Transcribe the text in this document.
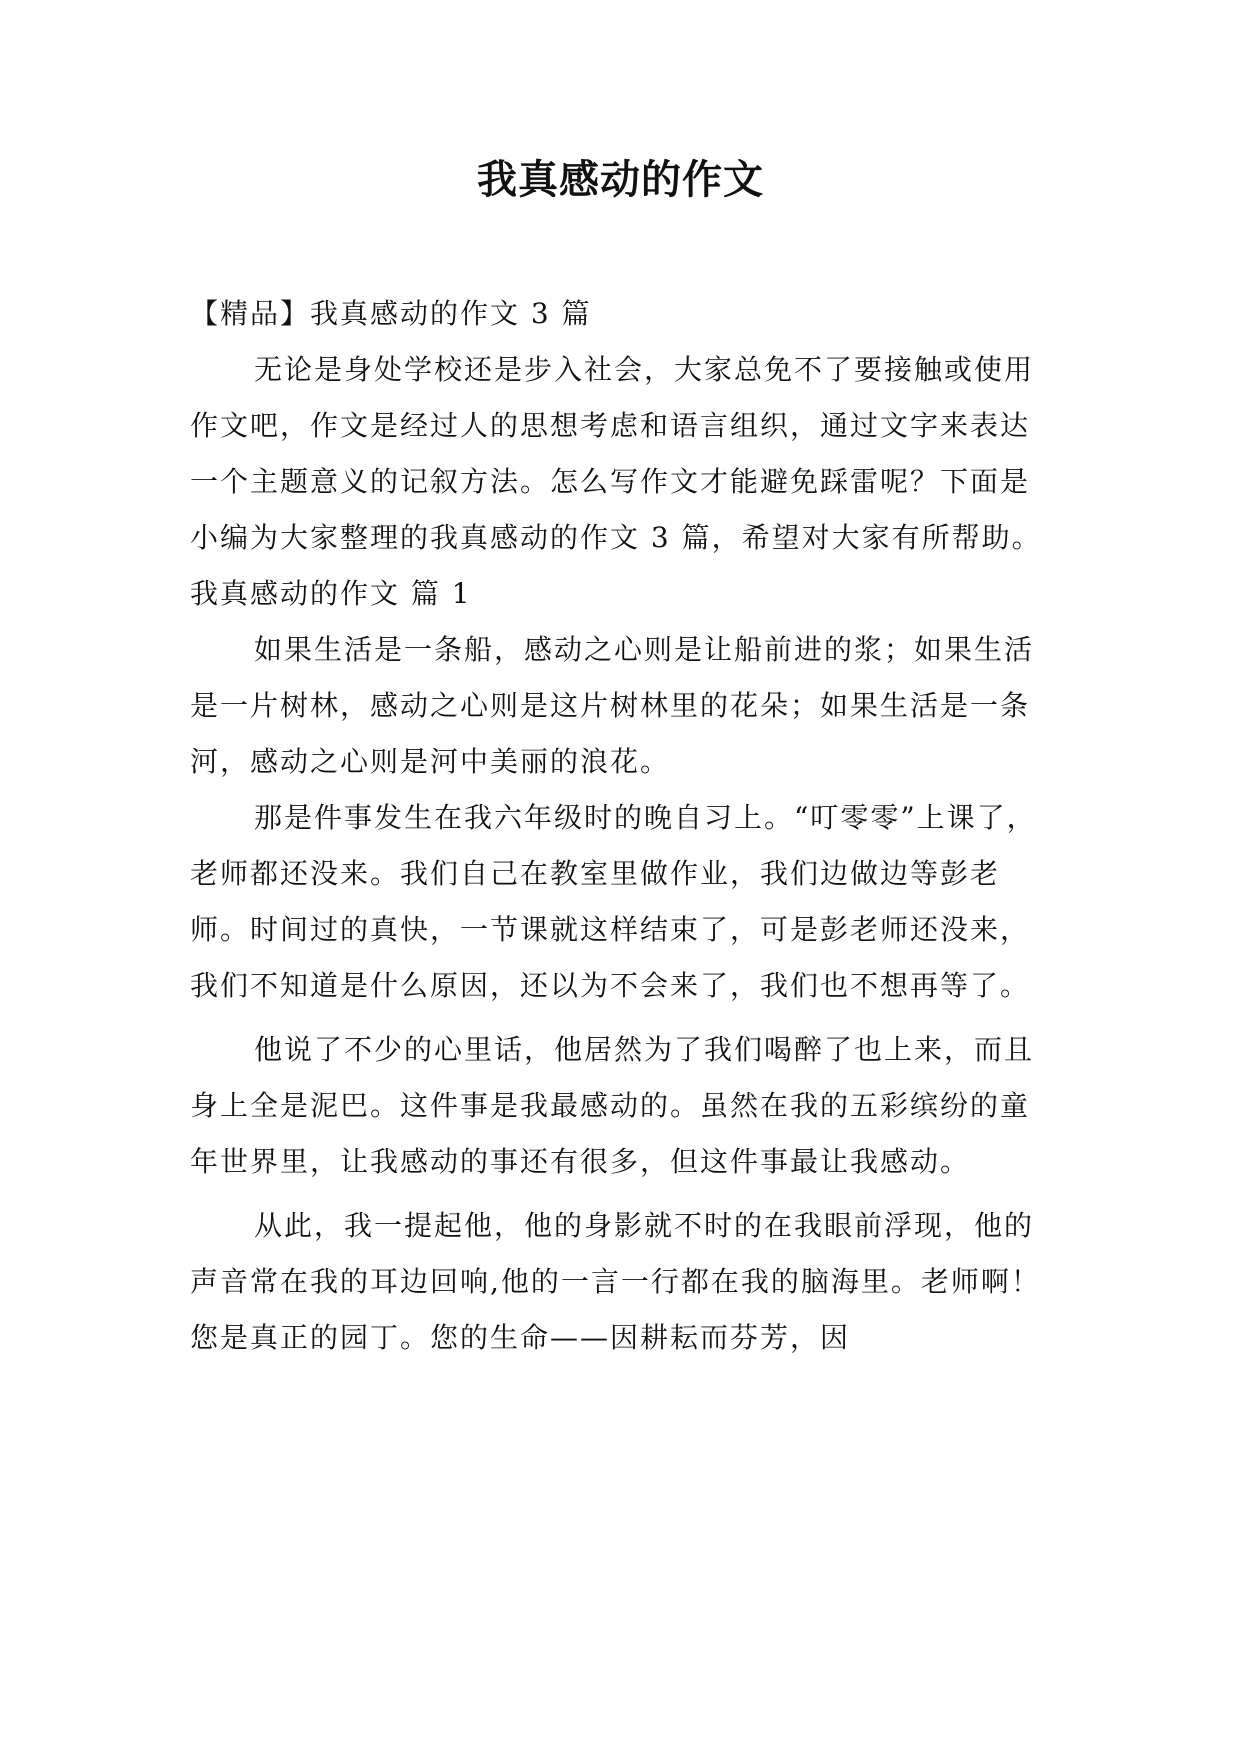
我真感动的作文

【精品】我真感动的作文 3 篇

无论是身处学校还是步入社会，大家总免不了要接触或使用作文吧，作文是经过人的思想考虑和语言组织，通过文字来表达一个主题意义的记叙方法。怎么写作文才能避免踩雷呢？下面是小编为大家整理的我真感动的作文 3 篇，希望对大家有所帮助。

我真感动的作文 篇 1

如果生活是一条船，感动之心则是让船前进的浆；如果生活是一片树林，感动之心则是这片树林里的花朵；如果生活是一条河，感动之心则是河中美丽的浪花。

那是件事发生在我六年级时的晚自习上。“叮零零”上课了，老师都还没来。我们自己在教室里做作业，我们边做边等彭老师。时间过的真快，一节课就这样结束了，可是彭老师还没来，我们不知道是什么原因，还以为不会来了，我们也不想再等了。

他说了不少的心里话，他居然为了我们喝醉了也上来，而且身上全是泥巴。这件事是我最感动的。虽然在我的五彩缤纷的童年世界里，让我感动的事还有很多，但这件事最让我感动。

从此，我一提起他，他的身影就不时的在我眼前浮现，他的声音常在我的耳边回响,他的一言一行都在我的脑海里。老师啊！您是真正的园丁。您的生命——因耕耘而芬芳，因
